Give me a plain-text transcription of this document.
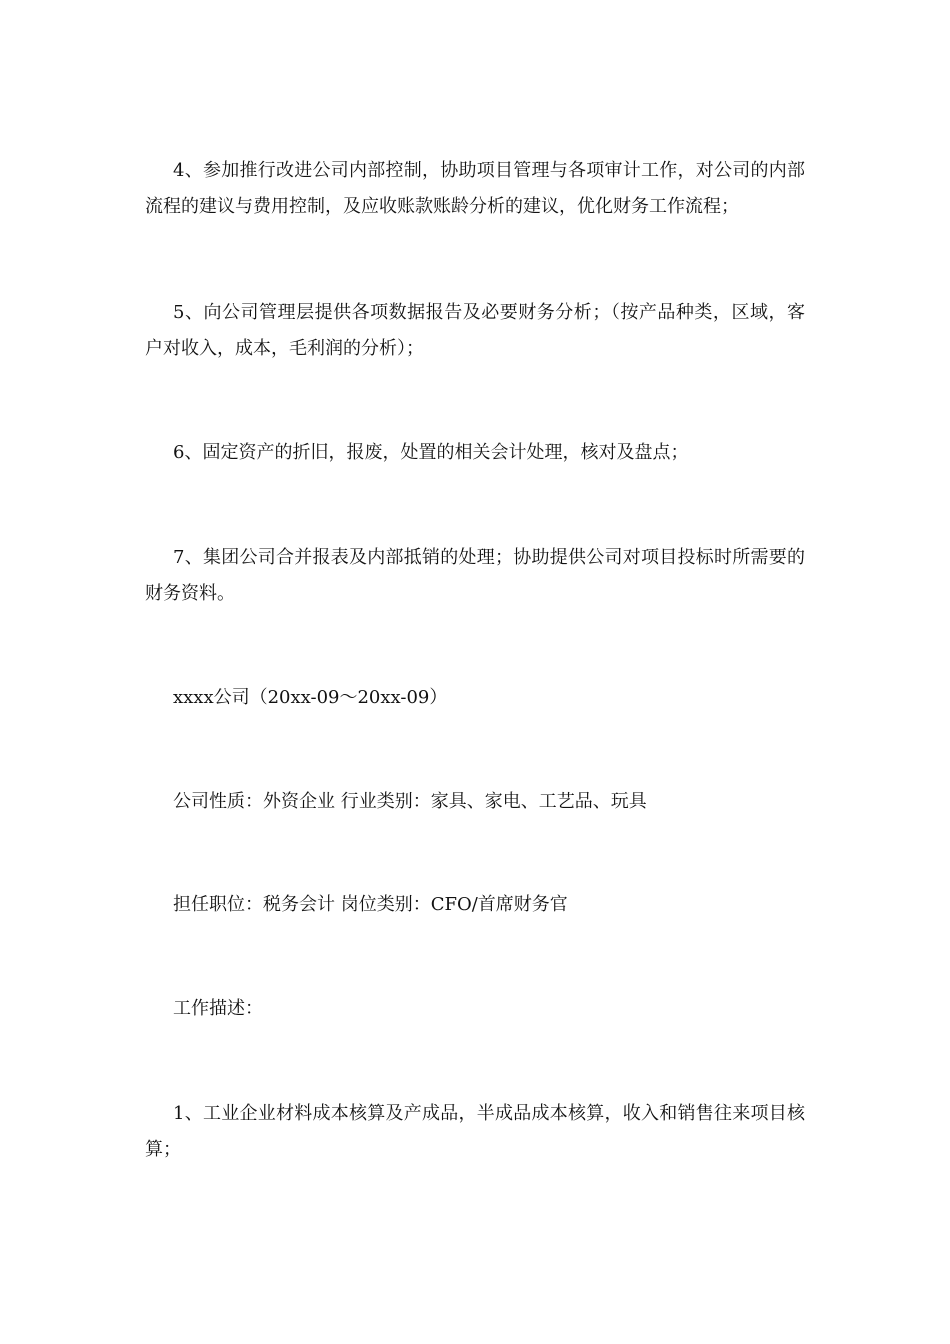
4、参加推行改进公司内部控制，协助项目管理与各项审计工作，对公司的内部流程的建议与费用控制，及应收账款账龄分析的建议，优化财务工作流程；

5、向公司管理层提供各项数据报告及必要财务分析；（按产品种类，区域，客户对收入，成本，毛利润的分析）；

6、固定资产的折旧，报废，处置的相关会计处理，核对及盘点；

7、集团公司合并报表及内部抵销的处理；协助提供公司对项目投标时所需要的财务资料。

xxxx公司（20xx-09～20xx-09）

公司性质：外资企业 行业类别：家具、家电、工艺品、玩具

担任职位：税务会计 岗位类别：CFO/首席财务官

工作描述：

1、工业企业材料成本核算及产成品，半成品成本核算，收入和销售往来项目核算；
